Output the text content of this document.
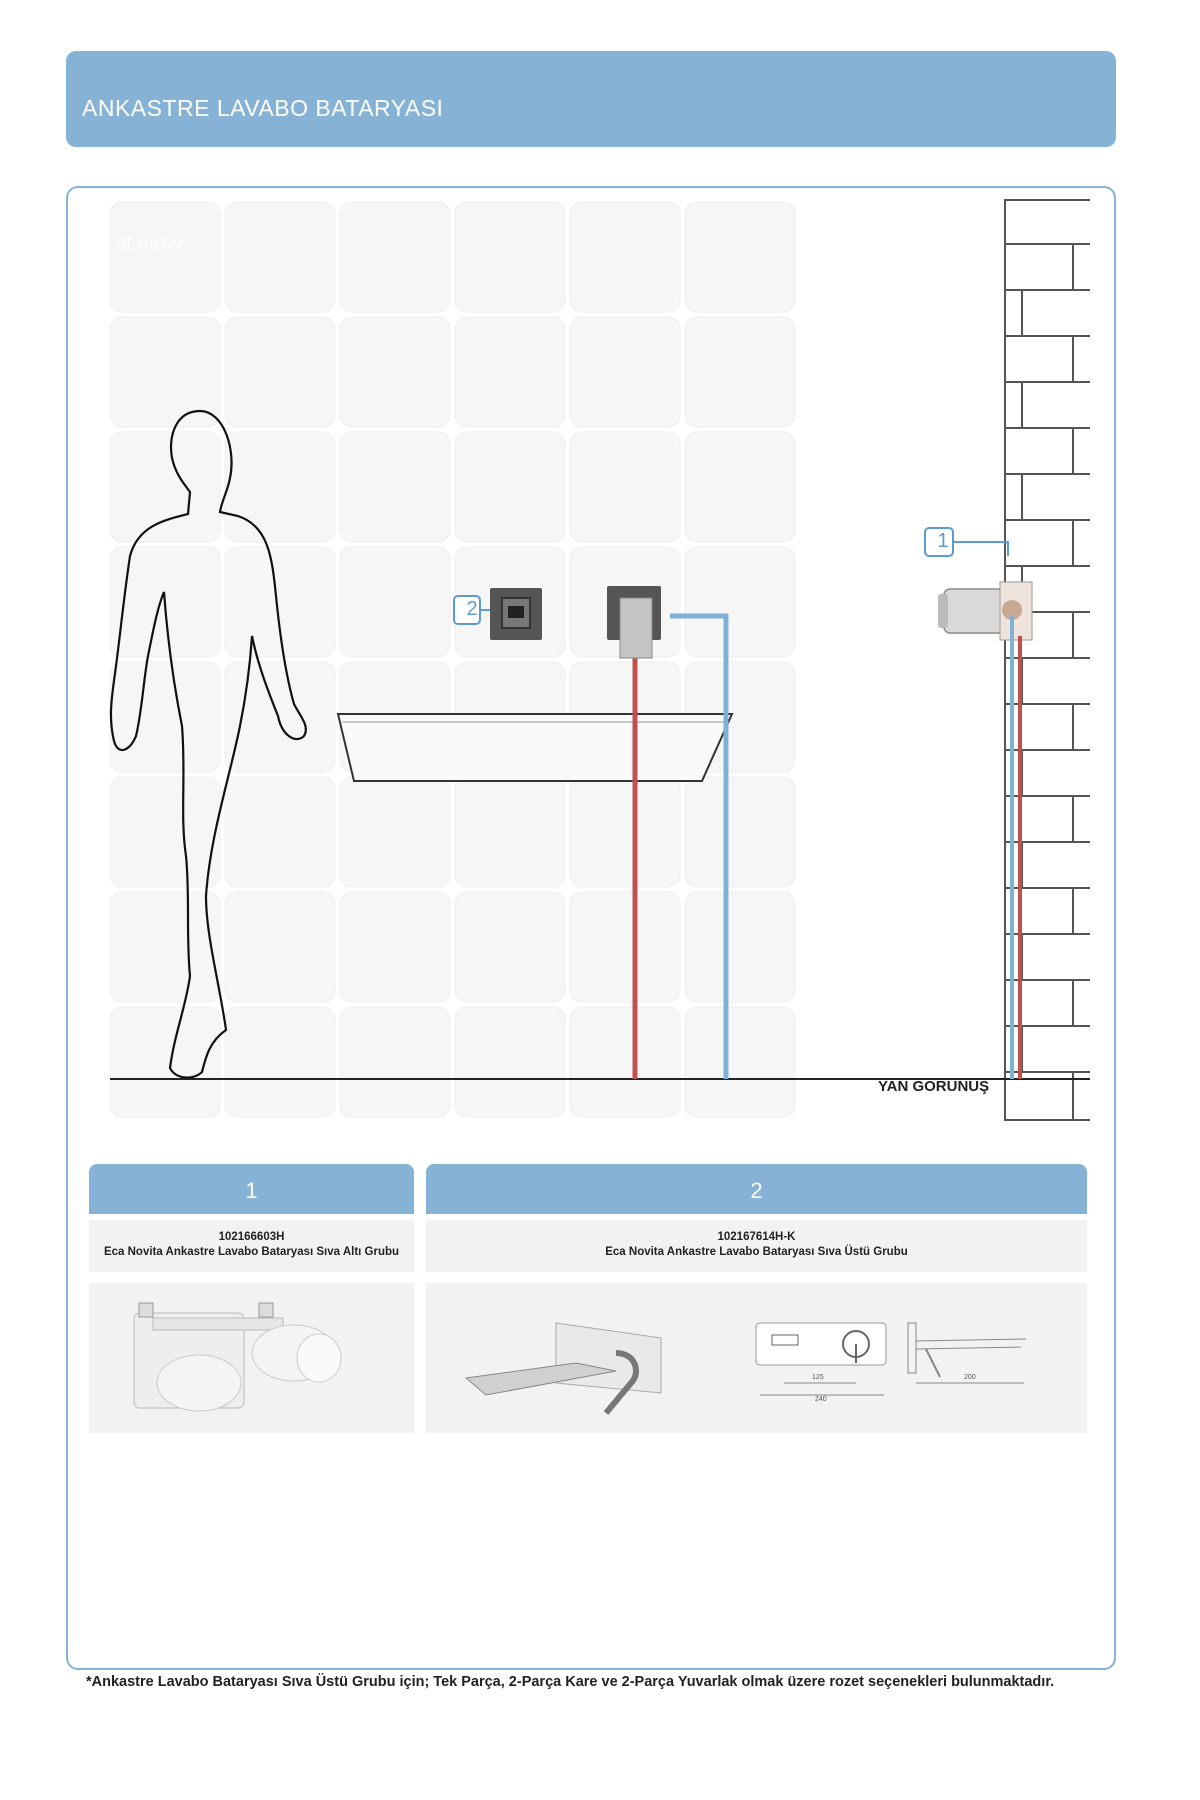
ANKASTRE LAVABO BATARYASI
st view
2
1
YAN GÖRÜNÜŞ
1
102166603H
Eca Novita Ankastre Lavabo Bataryası Sıva Altı Grubu
2
102167614H-K
Eca Novita Ankastre Lavabo Bataryası Sıva Üstü Grubu
125
240
200
*Ankastre Lavabo Bataryası Sıva Üstü Grubu için; Tek Parça, 2-Parça Kare ve 2-Parça Yuvarlak olmak üzere rozet seçenekleri bulunmaktadır.
